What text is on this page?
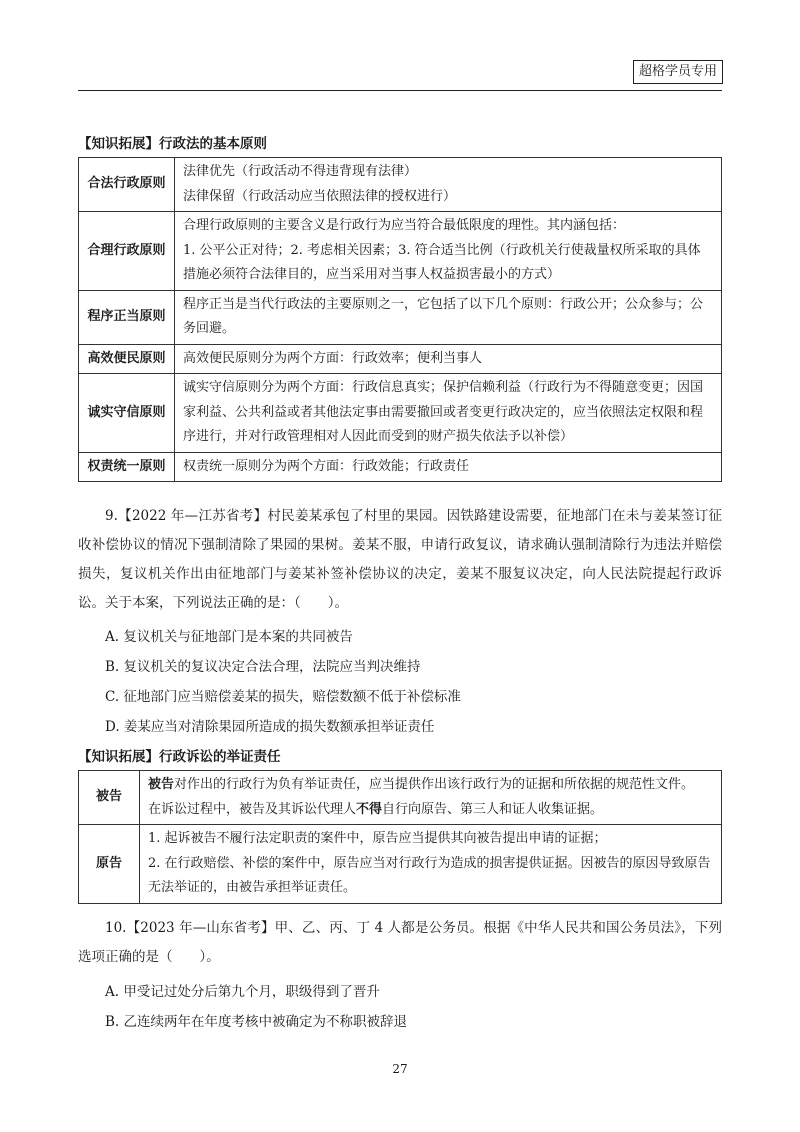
超格学员专用
【知识拓展】行政法的基本原则
合法行政原则	法律优先（行政活动不得违背现有法律）
法律保留（行政活动应当依照法律的授权进行）

合理行政原则	合理行政原则的主要含义是行政行为应当符合最低限度的理性。其内涵包括：
1. 公平公正对待；2. 考虑相关因素；3. 符合适当比例（行政机关行使裁量权所采取的具体措施必须符合法律目的，应当采用对当事人权益损害最小的方式）

程序正当原则	程序正当是当代行政法的主要原则之一，它包括了以下几个原则：行政公开；公众参与；公务回避。

高效便民原则	高效便民原则分为两个方面：行政效率；便利当事人

诚实守信原则	诚实守信原则分为两个方面：行政信息真实；保护信赖利益（行政行为不得随意变更；因国家利益、公共利益或者其他法定事由需要撤回或者变更行政决定的，应当依照法定权限和程序进行，并对行政管理相对人因此而受到的财产损失依法予以补偿）

权责统一原则	权责统一原则分为两个方面：行政效能；行政责任
9.【2022 年—江苏省考】村民姜某承包了村里的果园。因铁路建设需要，征地部门在未与姜某签订征收补偿协议的情况下强制清除了果园的果树。姜某不服，申请行政复议，请求确认强制清除行为违法并赔偿损失，复议机关作出由征地部门与姜某补签补偿协议的决定，姜某不服复议决定，向人民法院提起行政诉讼。关于本案，下列说法正确的是：（　　）。
A. 复议机关与征地部门是本案的共同被告
B. 复议机关的复议决定合法合理，法院应当判决维持
C. 征地部门应当赔偿姜某的损失，赔偿数额不低于补偿标准
D. 姜某应当对清除果园所造成的损失数额承担举证责任
【知识拓展】行政诉讼的举证责任
被告	被告对作出的行政行为负有举证责任，应当提供作出该行政行为的证据和所依据的规范性文件。
在诉讼过程中，被告及其诉讼代理人不得自行向原告、第三人和证人收集证据。

原告	1. 起诉被告不履行法定职责的案件中，原告应当提供其向被告提出申请的证据；
2. 在行政赔偿、补偿的案件中，原告应当对行政行为造成的损害提供证据。因被告的原因导致原告无法举证的，由被告承担举证责任。
10.【2023 年—山东省考】甲、乙、丙、丁 4 人都是公务员。根据《中华人民共和国公务员法》，下列选项正确的是（　　）。
A. 甲受记过处分后第九个月，职级得到了晋升
B. 乙连续两年在年度考核中被确定为不称职被辞退
27
